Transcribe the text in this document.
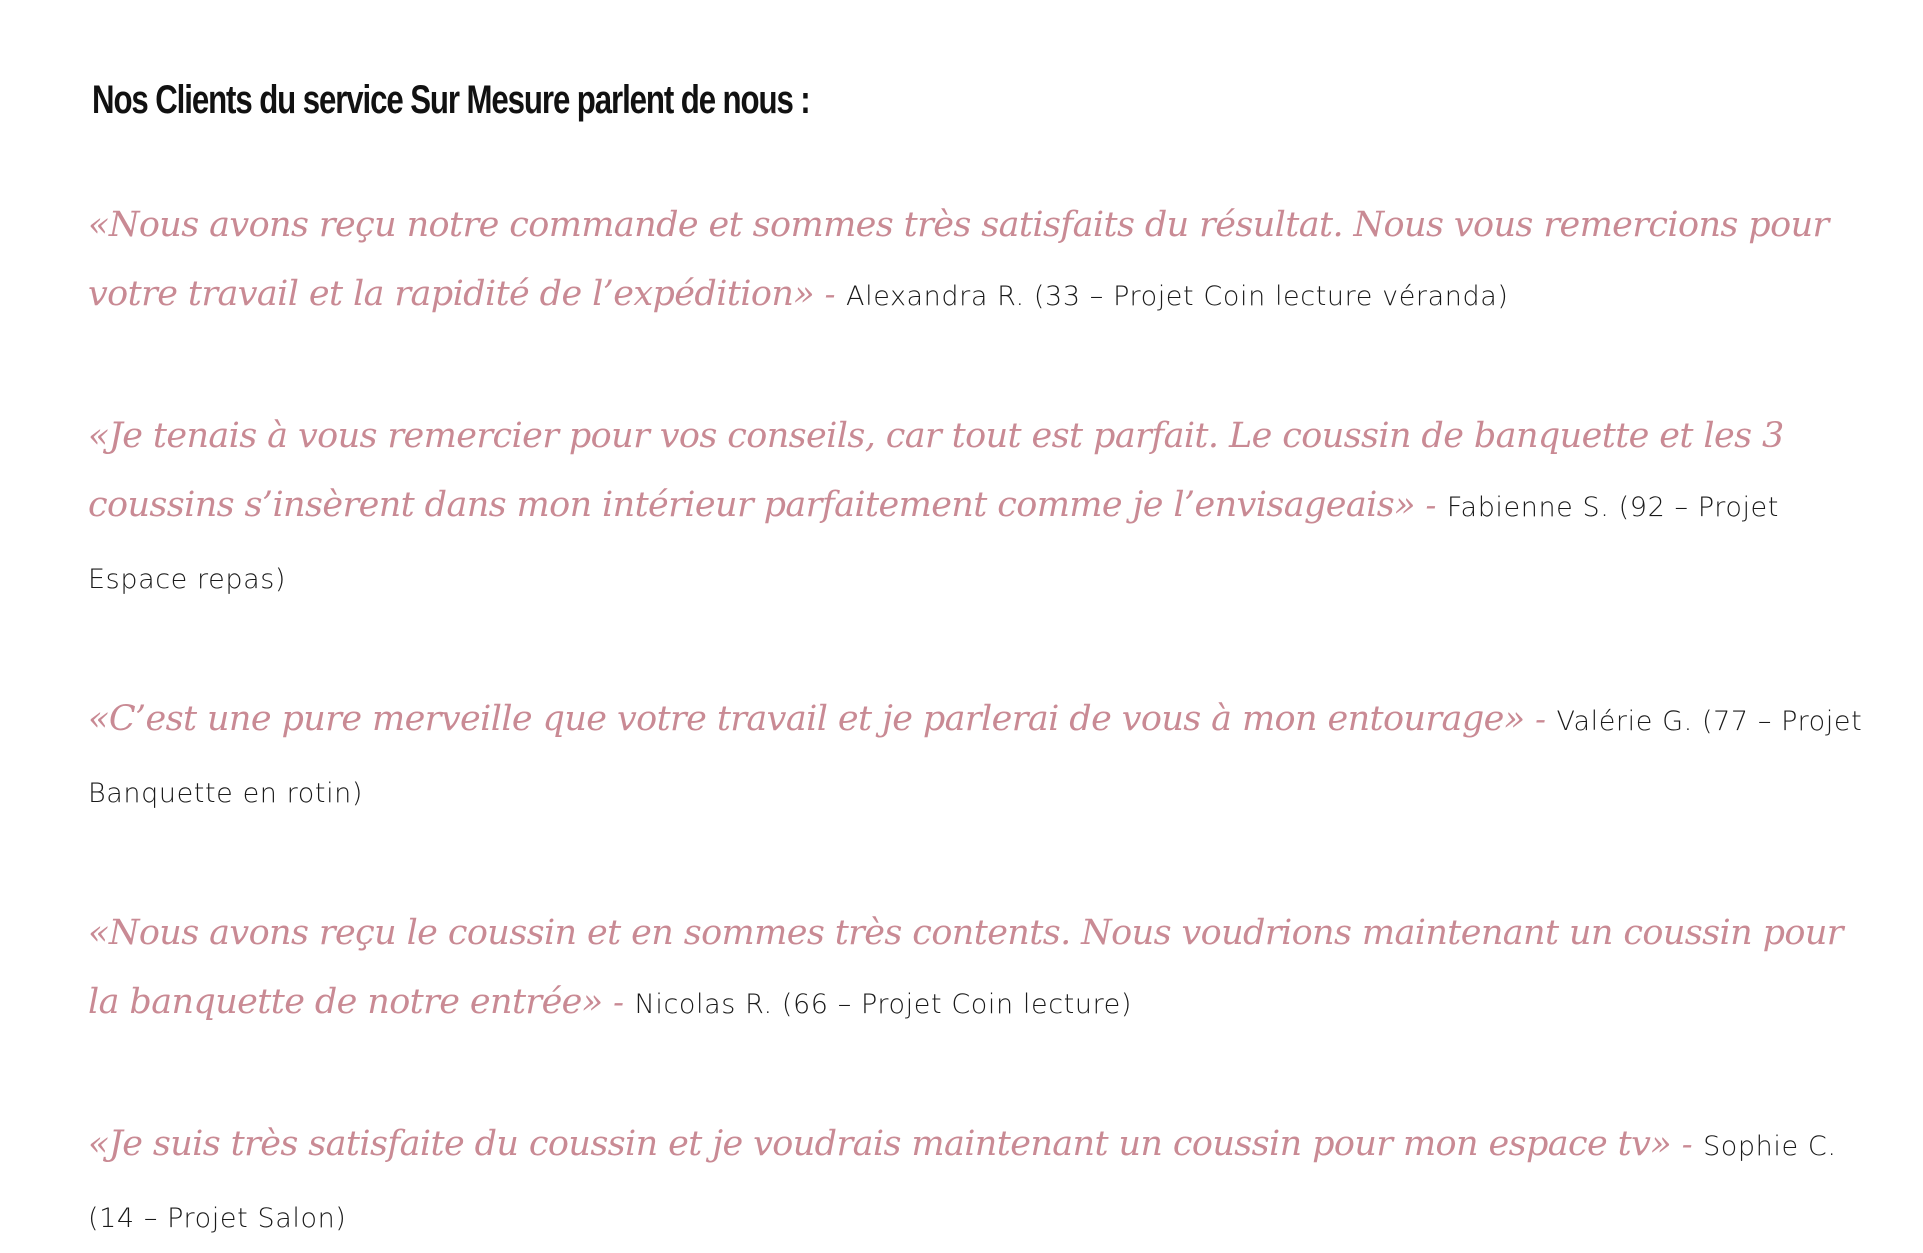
Nos Clients du service Sur Mesure parlent de nous :

«Nous avons reçu notre commande et sommes très satisfaits du résultat. Nous vous remercions pour votre travail et la rapidité de l’expédition» - Alexandra R. (33 – Projet Coin lecture véranda)

«Je tenais à vous remercier pour vos conseils, car tout est parfait. Le coussin de banquette et les 3 coussins s’insèrent dans mon intérieur parfaitement comme je l’envisageais» - Fabienne S. (92 – Projet Espace repas)

«C’est une pure merveille que votre travail et je parlerai de vous à mon entourage» - Valérie G. (77 – Projet Banquette en rotin)

«Nous avons reçu le coussin et en sommes très contents. Nous voudrions maintenant un coussin pour la banquette de notre entrée» - Nicolas R. (66 – Projet Coin lecture)

«Je suis très satisfaite du coussin et je voudrais maintenant un coussin pour mon espace tv» - Sophie C. (14 – Projet Salon)
